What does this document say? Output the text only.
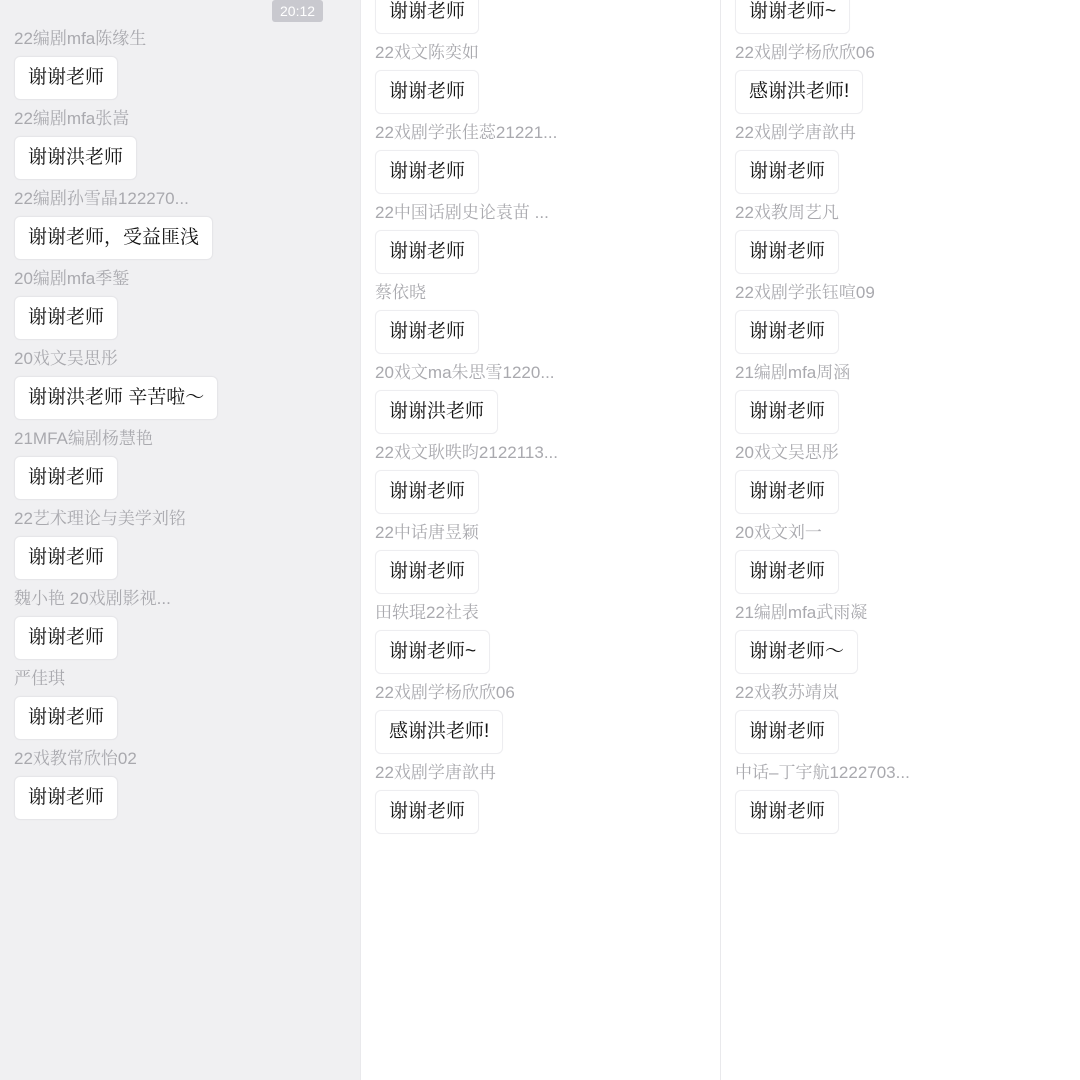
22编剧mfa陈缘生
谢谢老师
22编剧mfa张嵩
谢谢洪老师
22编剧孙雪晶122270...
谢谢老师，受益匪浅
20编剧mfa季錾
谢谢老师
20戏文吴思彤
谢谢洪老师 辛苦啦～
21MFA编剧杨慧艳
谢谢老师
22艺术理论与美学刘铭
谢谢老师
魏小艳 20戏剧影视...
谢谢老师
严佳琪
谢谢老师
22戏教常欣怡02
谢谢老师
谢谢老师
22戏文陈奕如
谢谢老师
22戏剧学张佳蕊21221...
谢谢老师
22中国话剧史论袁苗 ...
谢谢老师
蔡依晓
谢谢老师
20戏文ma朱思雪1220...
谢谢洪老师
22戏文耿昳昀2122113...
谢谢老师
22中话唐昱颖
谢谢老师
田轶琨22社表
谢谢老师~
22戏剧学杨欣欣06
感谢洪老师!
22戏剧学唐歆冉
谢谢老师
谢谢老师~
22戏剧学杨欣欣06
感谢洪老师!
22戏剧学唐歆冉
谢谢老师
22戏教周艺凡
谢谢老师
22戏剧学张钰喧09
谢谢老师
21编剧mfa周涵
谢谢老师
20戏文吴思彤
谢谢老师
20戏文刘一
谢谢老师
21编剧mfa武雨凝
谢谢老师～
22戏教苏靖岚
谢谢老师
中话–丁宇航1222703...
谢谢老师
20:12
